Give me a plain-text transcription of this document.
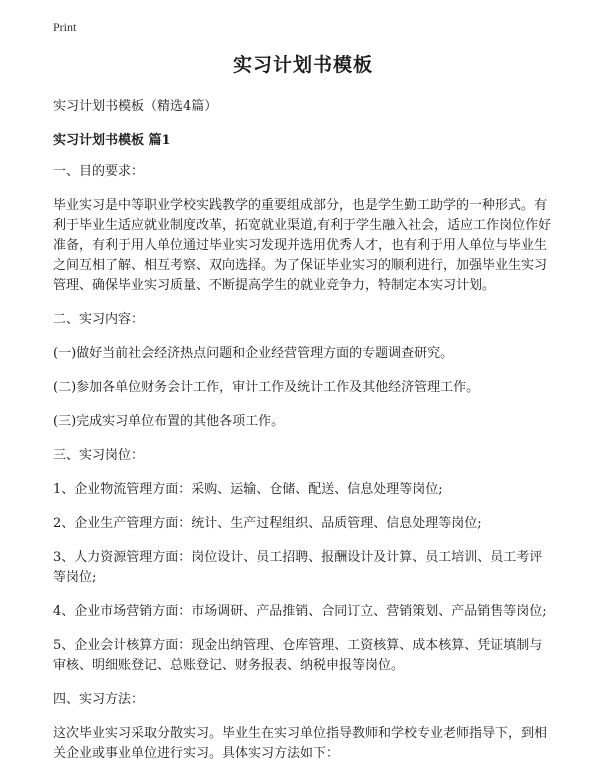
Print
实习计划书模板
实习计划书模板（精选4篇）
实习计划书模板 篇1
一、目的要求：
毕业实习是中等职业学校实践教学的重要组成部分，也是学生勤工助学的一种形式。有利于毕业生适应就业制度改革，拓宽就业渠道,有利于学生融入社会，适应工作岗位作好准备，有利于用人单位通过毕业实习发现并选用优秀人才，也有利于用人单位与毕业生之间互相了解、相互考察、双向选择。为了保证毕业实习的顺利进行，加强毕业生实习管理、确保毕业实习质量、不断提高学生的就业竞争力，特制定本实习计划。
二、实习内容：
(一)做好当前社会经济热点问题和企业经营管理方面的专题调查研究。
(二)参加各单位财务会计工作，审计工作及统计工作及其他经济管理工作。
(三)完成实习单位布置的其他各项工作。
三、实习岗位：
1、企业物流管理方面：采购、运输、仓储、配送、信息处理等岗位;
2、企业生产管理方面：统计、生产过程组织、品质管理、信息处理等岗位;
3、人力资源管理方面：岗位设计、员工招聘、报酬设计及计算、员工培训、员工考评等岗位;
4、企业市场营销方面：市场调研、产品推销、合同订立、营销策划、产品销售等岗位;
5、企业会计核算方面：现金出纳管理、仓库管理、工资核算、成本核算、凭证填制与审核、明细账登记、总账登记、财务报表、纳税申报等岗位。
四、实习方法：
这次毕业实习采取分散实习。毕业生在实习单位指导教师和学校专业老师指导下，到相关企业或事业单位进行实习。具体实习方法如下：
